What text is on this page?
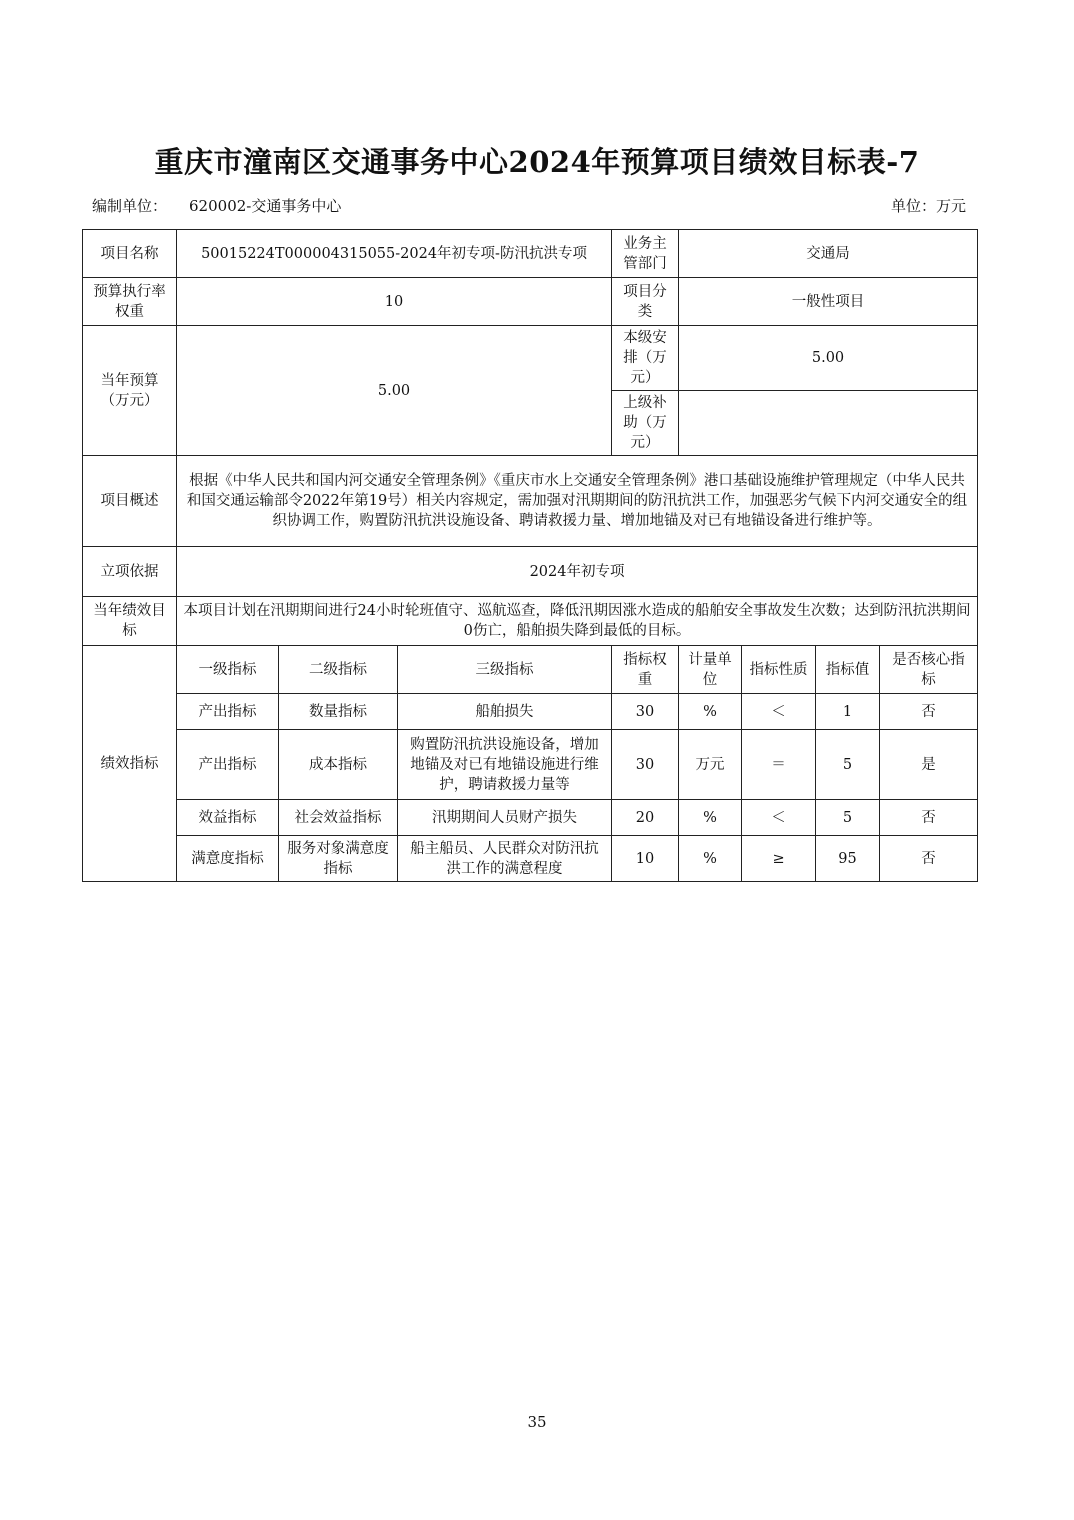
重庆市潼南区交通事务中心2024年预算项目绩效目标表-7
编制单位： 620002-交通事务中心	单位：万元
项目名称	50015224T000004315055-2024年初专项-防汛抗洪专项			业务主管部门	交通局			
预算执行率权重	10			项目分类	一般性项目			
当年预算（万元）	5.00			本级安排（万元）	5.00			
				上级补助（万元）				
项目概述	根据《中华人民共和国内河交通安全管理条例》《重庆市水上交通安全管理条例》港口基础设施维护管理规定（中华人民共和国交通运输部令2022年第19号）相关内容规定，需加强对汛期期间的防汛抗洪工作，加强恶劣气候下内河交通安全的组织协调工作，购置防汛抗洪设施设备、聘请救援力量、增加地锚及对已有地锚设备进行维护等。							
立项依据	2024年初专项							
当年绩效目标	本项目计划在汛期期间进行24小时轮班值守、巡航巡查，降低汛期因涨水造成的船舶安全事故发生次数；达到防汛抗洪期间0伤亡，船舶损失降到最低的目标。							
绩效指标	一级指标	二级指标	三级指标	指标权重	计量单位	指标性质	指标值	是否核心指标
	产出指标	数量指标	船舶损失	30	%	＜	1	否
	产出指标	成本指标	购置防汛抗洪设施设备，增加地锚及对已有地锚设施进行维护，聘请救援力量等	30	万元	＝	5	是
	效益指标	社会效益指标	汛期期间人员财产损失	20	%	＜	5	否
	满意度指标	服务对象满意度指标	船主船员、人民群众对防汛抗洪工作的满意程度	10	%	≥	95	否
35
